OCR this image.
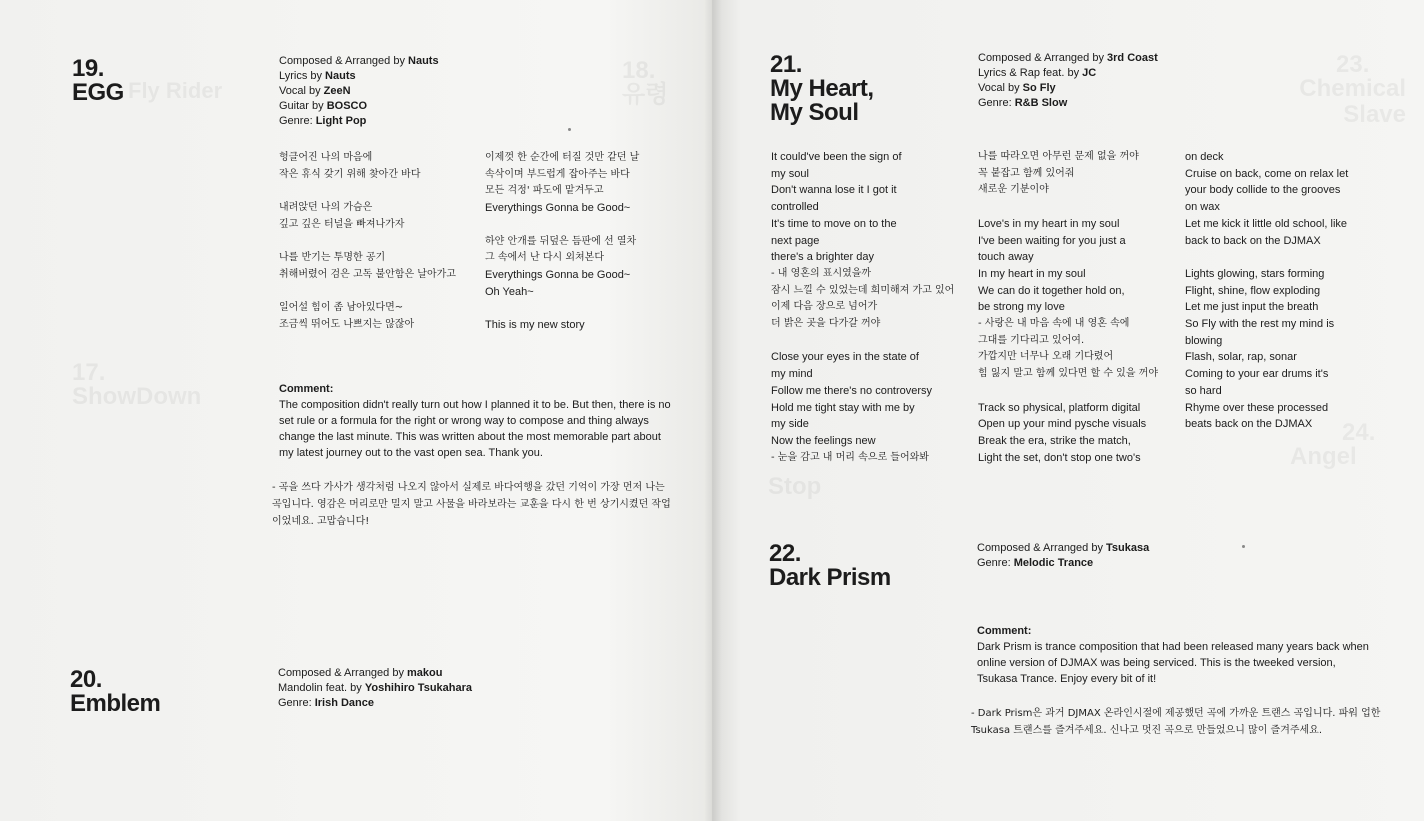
18.
유령
Fly Rider
17.
ShowDown
19.
EGG
Composed & Arranged by Nauts
Lyrics by Nauts
Vocal by ZeeN
Guitar by BOSCO
Genre: Light Pop
헝클어진 나의 마음에
작은 휴식 갖기 위해 찾아간 바다
내려앉던 나의 가슴은
깊고 깊은 터널을 빠져나가자
나를 반기는 투명한 공기
취해버렸어 검은 고독 불안함은 날아가고
일어설 힘이 좀 남아있다면~
조금씩 뛰어도 나쁘지는 않잖아
이제껏 한 순간에 터질 것만 같던 날
속삭이며 부드럽게 잡아주는 바다
모든 걱정' 파도에 맡겨두고
Everythings Gonna be Good~
하얀 안개를 뒤덮은 듬판에 선 열차
그 속에서 난 다시 외쳐본다
Everythings Gonna be Good~
Oh Yeah~
This is my new story
Comment:
The composition didn't really turn out how I planned it to be. But then, there is no set rule or a formula for the right or wrong way to compose and thing always change the last minute. This was written about the most memorable part about my latest journey out to the vast open sea. Thank you.
- 곡을 쓰다 가사가 생각처럼 나오지 않아서 실제로 바다여행을 갔던 기억이 가장 먼저 나는 곡입니다. 영감은 머리로만 밀지 말고 사물을 바라보라는 교훈을 다시 한 번 상기시켰던 작업이었네요. 고맙습니다!
20.
Emblem
Composed & Arranged by makou
Mandolin feat. by Yoshihiro Tsukahara
Genre: Irish Dance
23.
Chemical Slave
24.
Angel
Stop
21.
My Heart,
My Soul
Composed & Arranged by 3rd Coast
Lyrics & Rap feat. by JC
Vocal by So Fly
Genre: R&B Slow
It could've been the sign of
my soul
Don't wanna lose it I got it
controlled
It's time to move on to the
next page
there's a brighter day
- 내 영혼의 표시였을까
잠시 느낄 수 있었는데 희미해져 가고 있어
이제 다음 장으로 넘어가
더 밝은 곳을 다가갈 꺼야
Close your eyes in the state of
my mind
Follow me there's no controversy
Hold me tight stay with me by
my side
Now the feelings new
- 눈을 감고 내 머리 속으로 들어와봐
나를 따라오면 아무런 문제 없을 꺼야
꼭 붙잡고 함께 있어줘
새로운 기분이야
Love's in my heart in my soul
I've been waiting for you just a
touch away
In my heart in my soul
We can do it together hold on,
be strong my love
- 사랑은 내 마음 속에 내 영혼 속에
그대를 기다리고 있어여.
가깝지만 너무나 오래 기다렸어
힘 잃지 말고 함께 있다면 할 수 있을 꺼야
Track so physical, platform digital
Open up your mind pysche visuals
Break the era, strike the match,
Light the set, don't stop one two's
on deck
Cruise on back, come on relax let
your body collide to the grooves
on wax
Let me kick it little old school, like
back to back on the DJMAX
Lights glowing, stars forming
Flight, shine, flow exploding
Let me just input the breath
So Fly with the rest my mind is
blowing
Flash, solar, rap, sonar
Coming to your ear drums it's
so hard
Rhyme over these processed
beats back on the DJMAX
22.
Dark Prism
Composed & Arranged by Tsukasa
Genre: Melodic Trance
Comment:
Dark Prism is trance composition that had been released many years back when online version of DJMAX was being serviced. This is the tweeked version, Tsukasa Trance. Enjoy every bit of it!
- Dark Prism은 과거 DJMAX 온라인시절에 제공했던 곡에 가까운 트랜스 곡입니다. 파워 업한 Tsukasa 트랜스를 즐겨주세요. 신나고 멋진 곡으로 만들었으니 많이 즐겨주세요.
